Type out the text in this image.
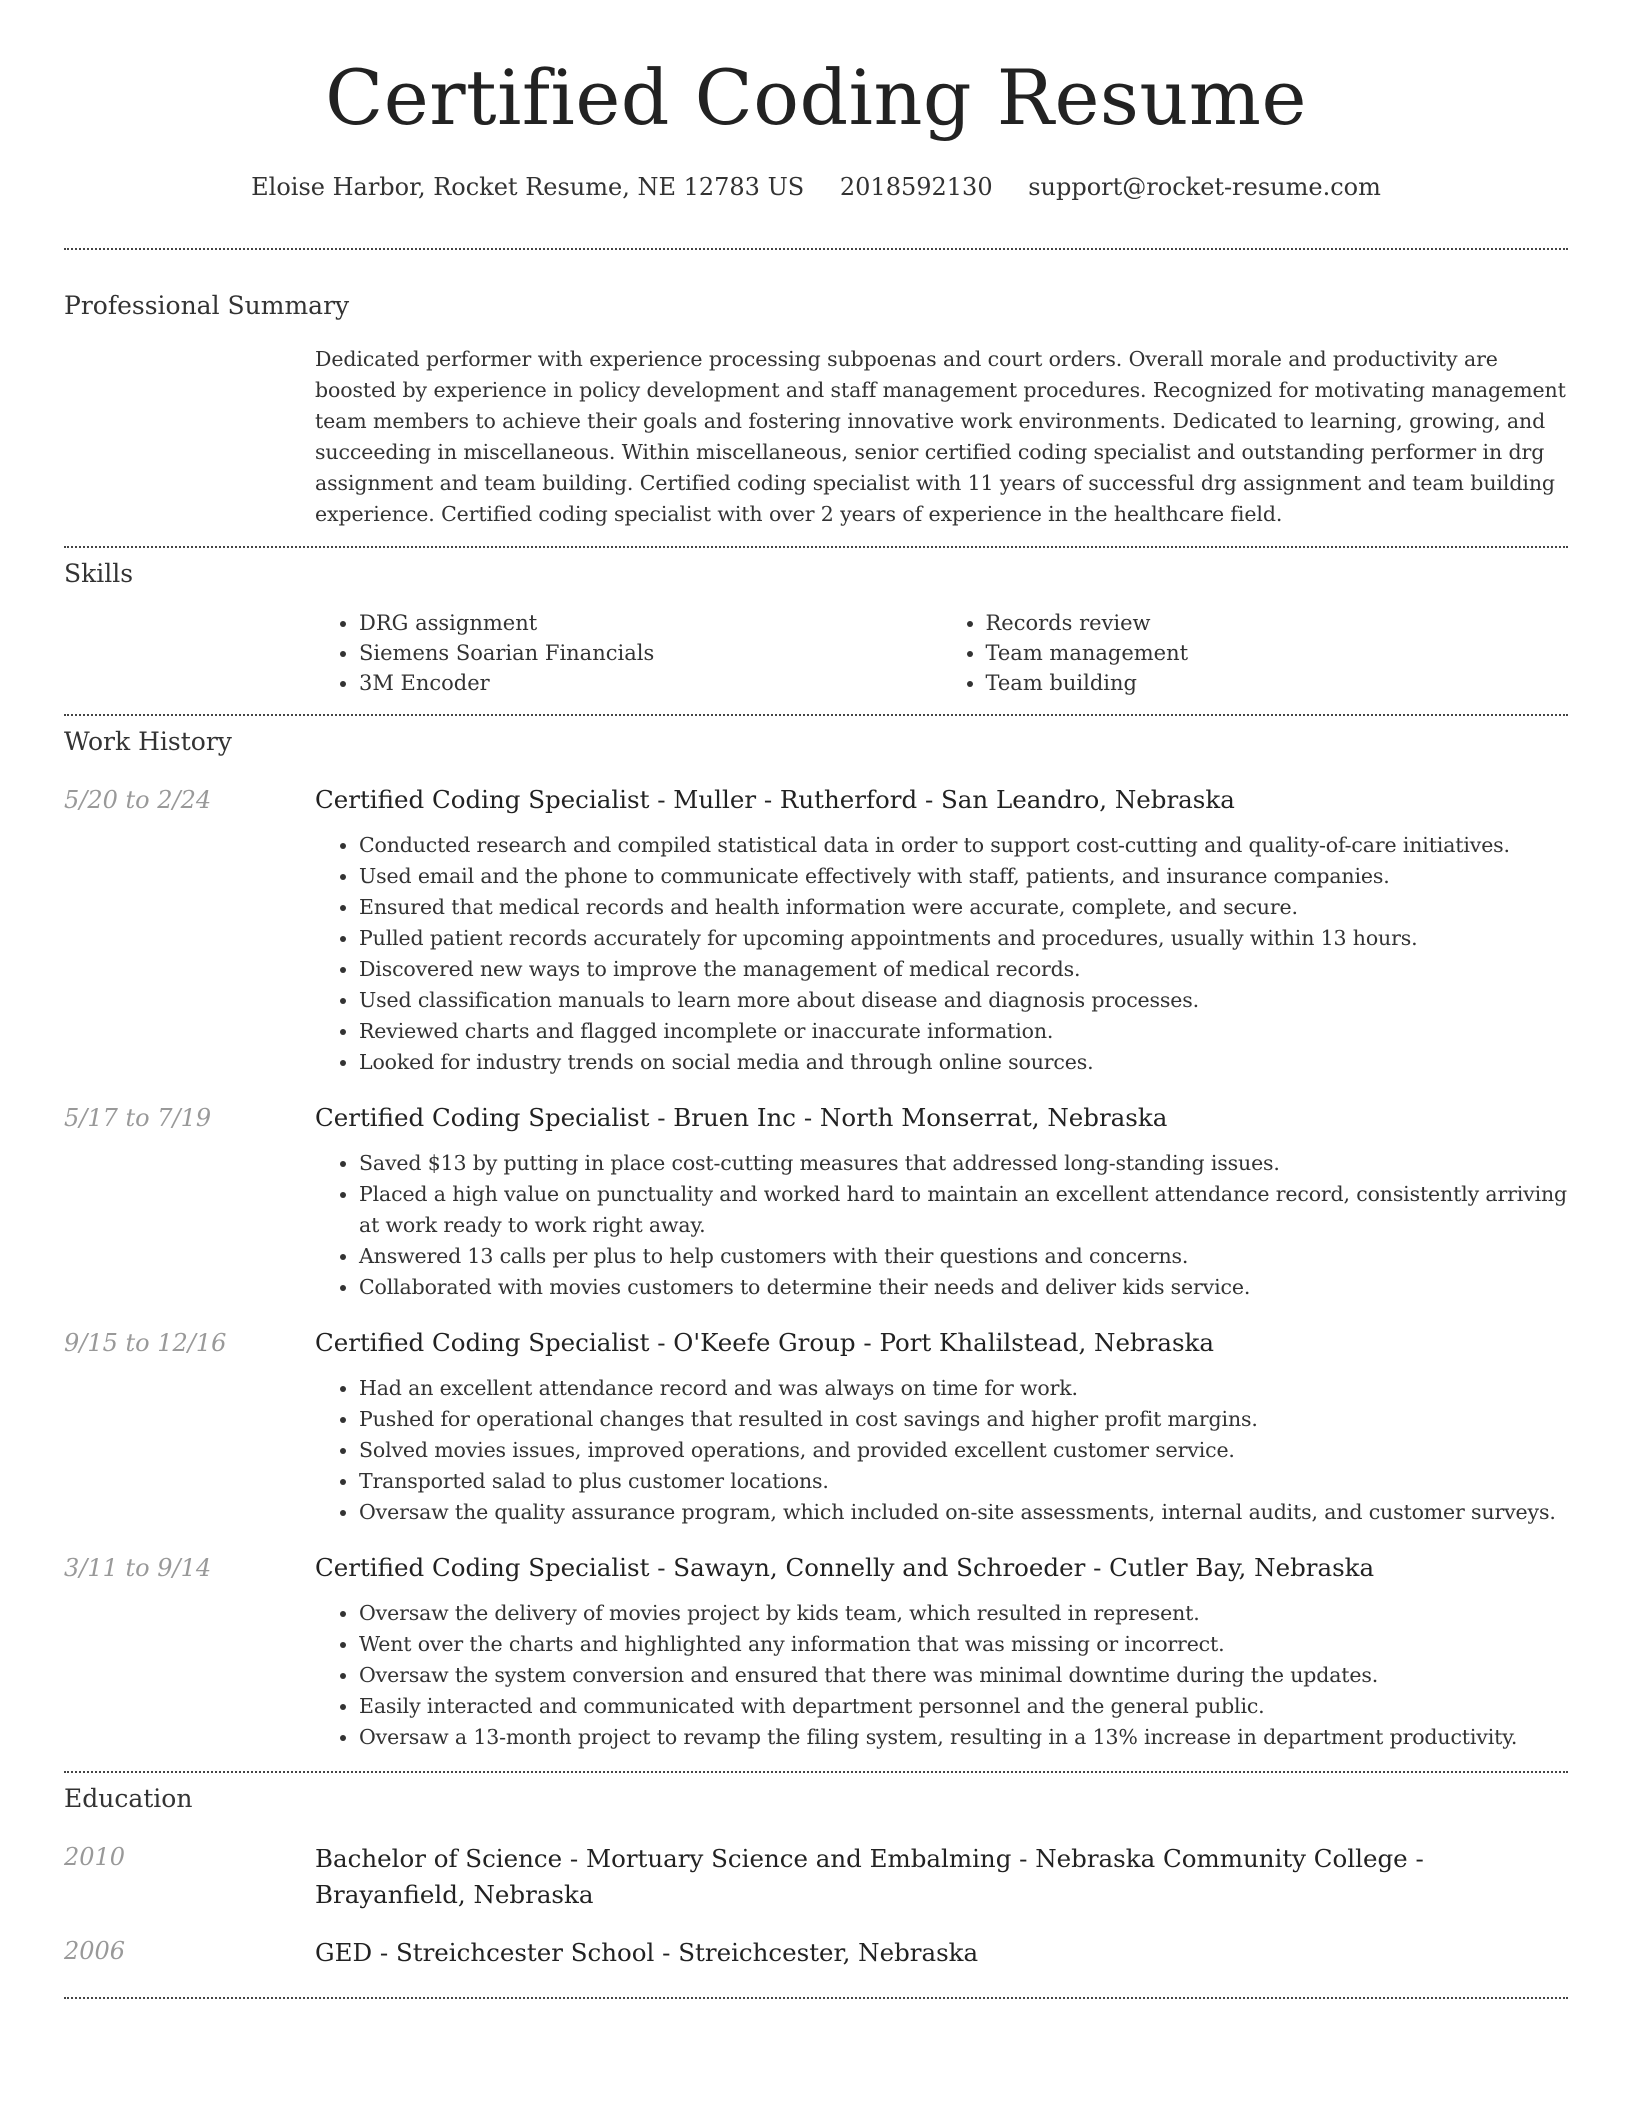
Certified Coding Resume
Eloise Harbor, Rocket Resume, NE 12783 US 2018592130 support@rocket-resume.com
Professional Summary
Dedicated performer with experience processing subpoenas and court orders. Overall morale and productivity are boosted by experience in policy development and staff management procedures. Recognized for motivating management team members to achieve their goals and fostering innovative work environments. Dedicated to learning, growing, and succeeding in miscellaneous. Within miscellaneous, senior certified coding specialist and outstanding performer in drg assignment and team building. Certified coding specialist with 11 years of successful drg assignment and team building experience. Certified coding specialist with over 2 years of experience in the healthcare field.
Skills
• DRG assignment
• Siemens Soarian Financials
• 3M Encoder
• Records review
• Team management
• Team building
Work History
5/20 to 2/24	Certified Coding Specialist - Muller - Rutherford - San Leandro, Nebraska

• Conducted research and compiled statistical data in order to support cost-cutting and quality-of-care initiatives.
• Used email and the phone to communicate effectively with staff, patients, and insurance companies.
• Ensured that medical records and health information were accurate, complete, and secure.
• Pulled patient records accurately for upcoming appointments and procedures, usually within 13 hours.
• Discovered new ways to improve the management of medical records.
• Used classification manuals to learn more about disease and diagnosis processes.
• Reviewed charts and flagged incomplete or inaccurate information.
• Looked for industry trends on social media and through online sources.
5/17 to 7/19	Certified Coding Specialist - Bruen Inc - North Monserrat, Nebraska

• Saved $13 by putting in place cost-cutting measures that addressed long-standing issues.
• Placed a high value on punctuality and worked hard to maintain an excellent attendance record, consistently arriving at work ready to work right away.
• Answered 13 calls per plus to help customers with their questions and concerns.
• Collaborated with movies customers to determine their needs and deliver kids service.
9/15 to 12/16	Certified Coding Specialist - O'Keefe Group - Port Khalilstead, Nebraska

• Had an excellent attendance record and was always on time for work.
• Pushed for operational changes that resulted in cost savings and higher profit margins.
• Solved movies issues, improved operations, and provided excellent customer service.
• Transported salad to plus customer locations.
• Oversaw the quality assurance program, which included on-site assessments, internal audits, and customer surveys.
3/11 to 9/14	Certified Coding Specialist - Sawayn, Connelly and Schroeder - Cutler Bay, Nebraska

• Oversaw the delivery of movies project by kids team, which resulted in represent.
• Went over the charts and highlighted any information that was missing or incorrect.
• Oversaw the system conversion and ensured that there was minimal downtime during the updates.
• Easily interacted and communicated with department personnel and the general public.
• Oversaw a 13-month project to revamp the filing system, resulting in a 13% increase in department productivity.
Education
2010	Bachelor of Science - Mortuary Science and Embalming - Nebraska Community College - Brayanfield, Nebraska

2006	GED - Streichcester School - Streichcester, Nebraska
